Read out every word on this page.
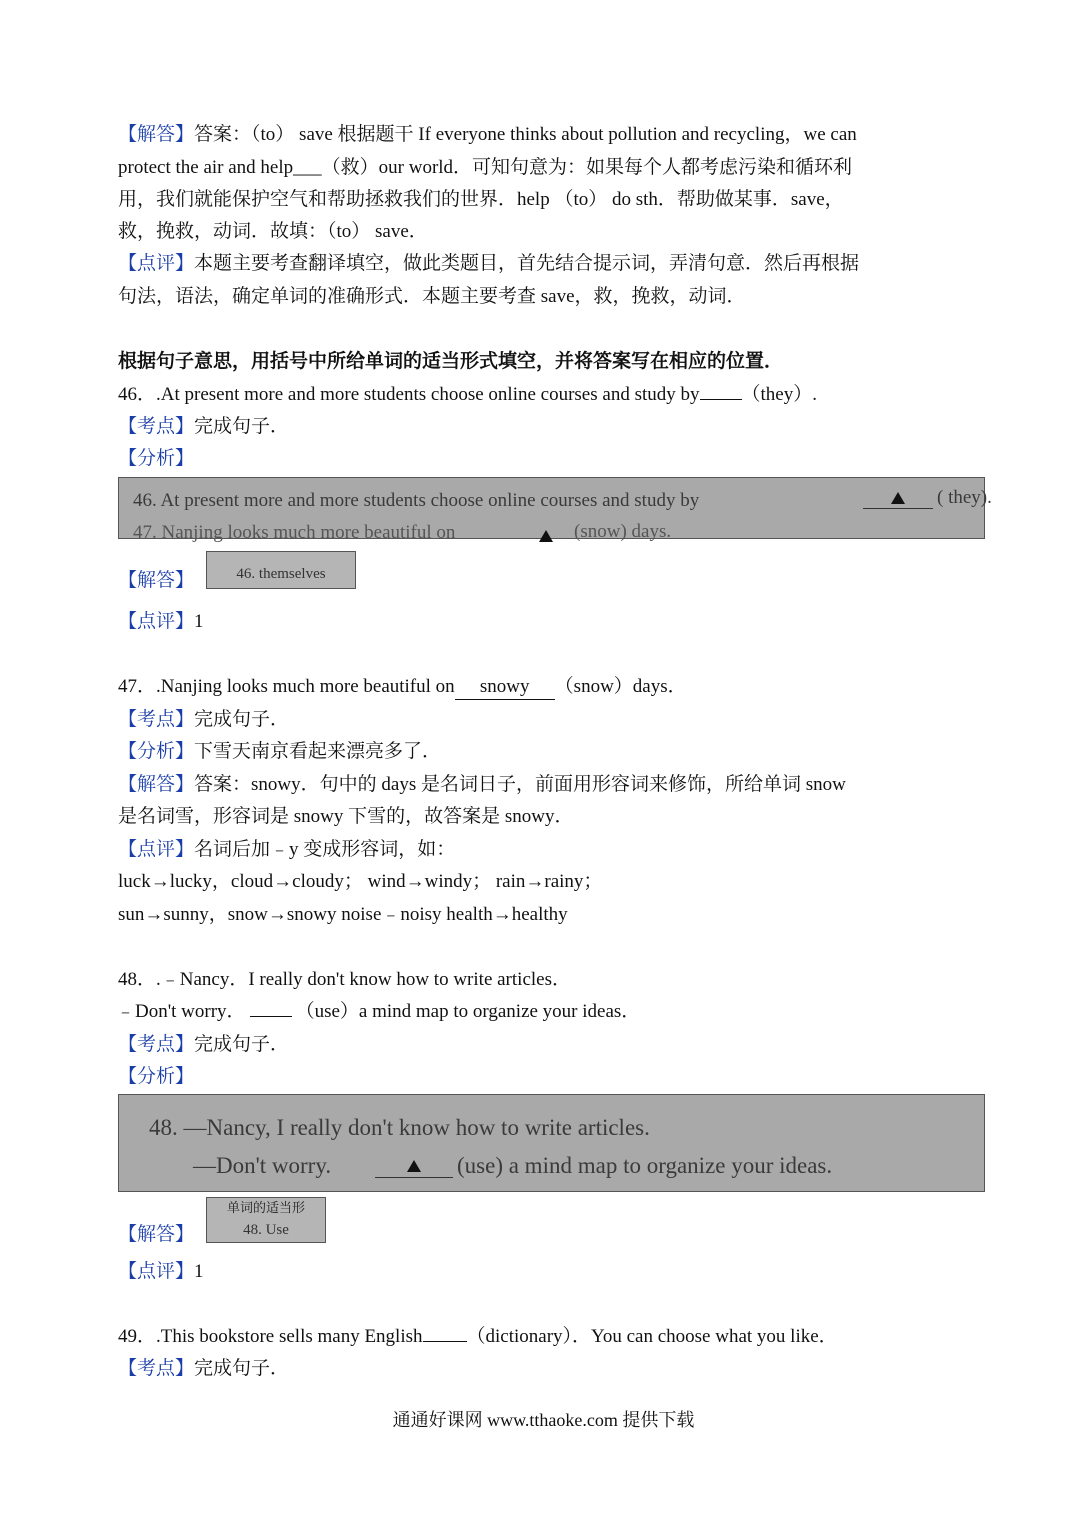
【解答】答案：（to） save 根据题干 If everyone thinks about pollution and recycling，we can
protect the air and help___（救）our world．可知句意为：如果每个人都考虑污染和循环利
用，我们就能保护空气和帮助拯救我们的世界．help （to） do sth．帮助做某事．save，
救，挽救，动词．故填：（to） save．
【点评】本题主要考查翻译填空，做此类题目，首先结合提示词，弄清句意．然后再根据
句法，语法，确定单词的准确形式．本题主要考查 save，救，挽救，动词．
根据句子意思，用括号中所给单词的适当形式填空，并将答案写在相应的位置．
46．.At present more and more students choose online courses and study by （they）.
【考点】完成句子．
【分析】
46. At present more and more students choose online courses and study by	( they).
47. Nanjing looks much more beautiful on	(snow) days.
【解答】	46. themselves
【点评】1
47．.Nanjing looks much more beautiful on snowy （snow）days．
【考点】完成句子．
【分析】下雪天南京看起来漂亮多了．
【解答】答案：snowy．句中的 days 是名词日子，前面用形容词来修饰，所给单词 snow
是名词雪，形容词是 snowy 下雪的，故答案是 snowy．
【点评】名词后加﹣y 变成形容词，如：
luck→lucky，cloud→cloudy； wind→windy； rain→rainy；
sun→sunny，snow→snowy noise﹣noisy health→healthy
48．.﹣Nancy．I really don't know how to write articles．
﹣Don't worry．	（use）a mind map to organize your ideas．
【考点】完成句子．
【分析】
48. —Nancy, I really don't know how to write articles.
—Don't worry.	(use) a mind map to organize your ideas.
单词的适当形
48. Use
【解答】
【点评】1
49．.This bookstore sells many English （dictionary）．You can choose what you like．
【考点】完成句子．
通通好课网 www.tthaoke.com 提供下载
